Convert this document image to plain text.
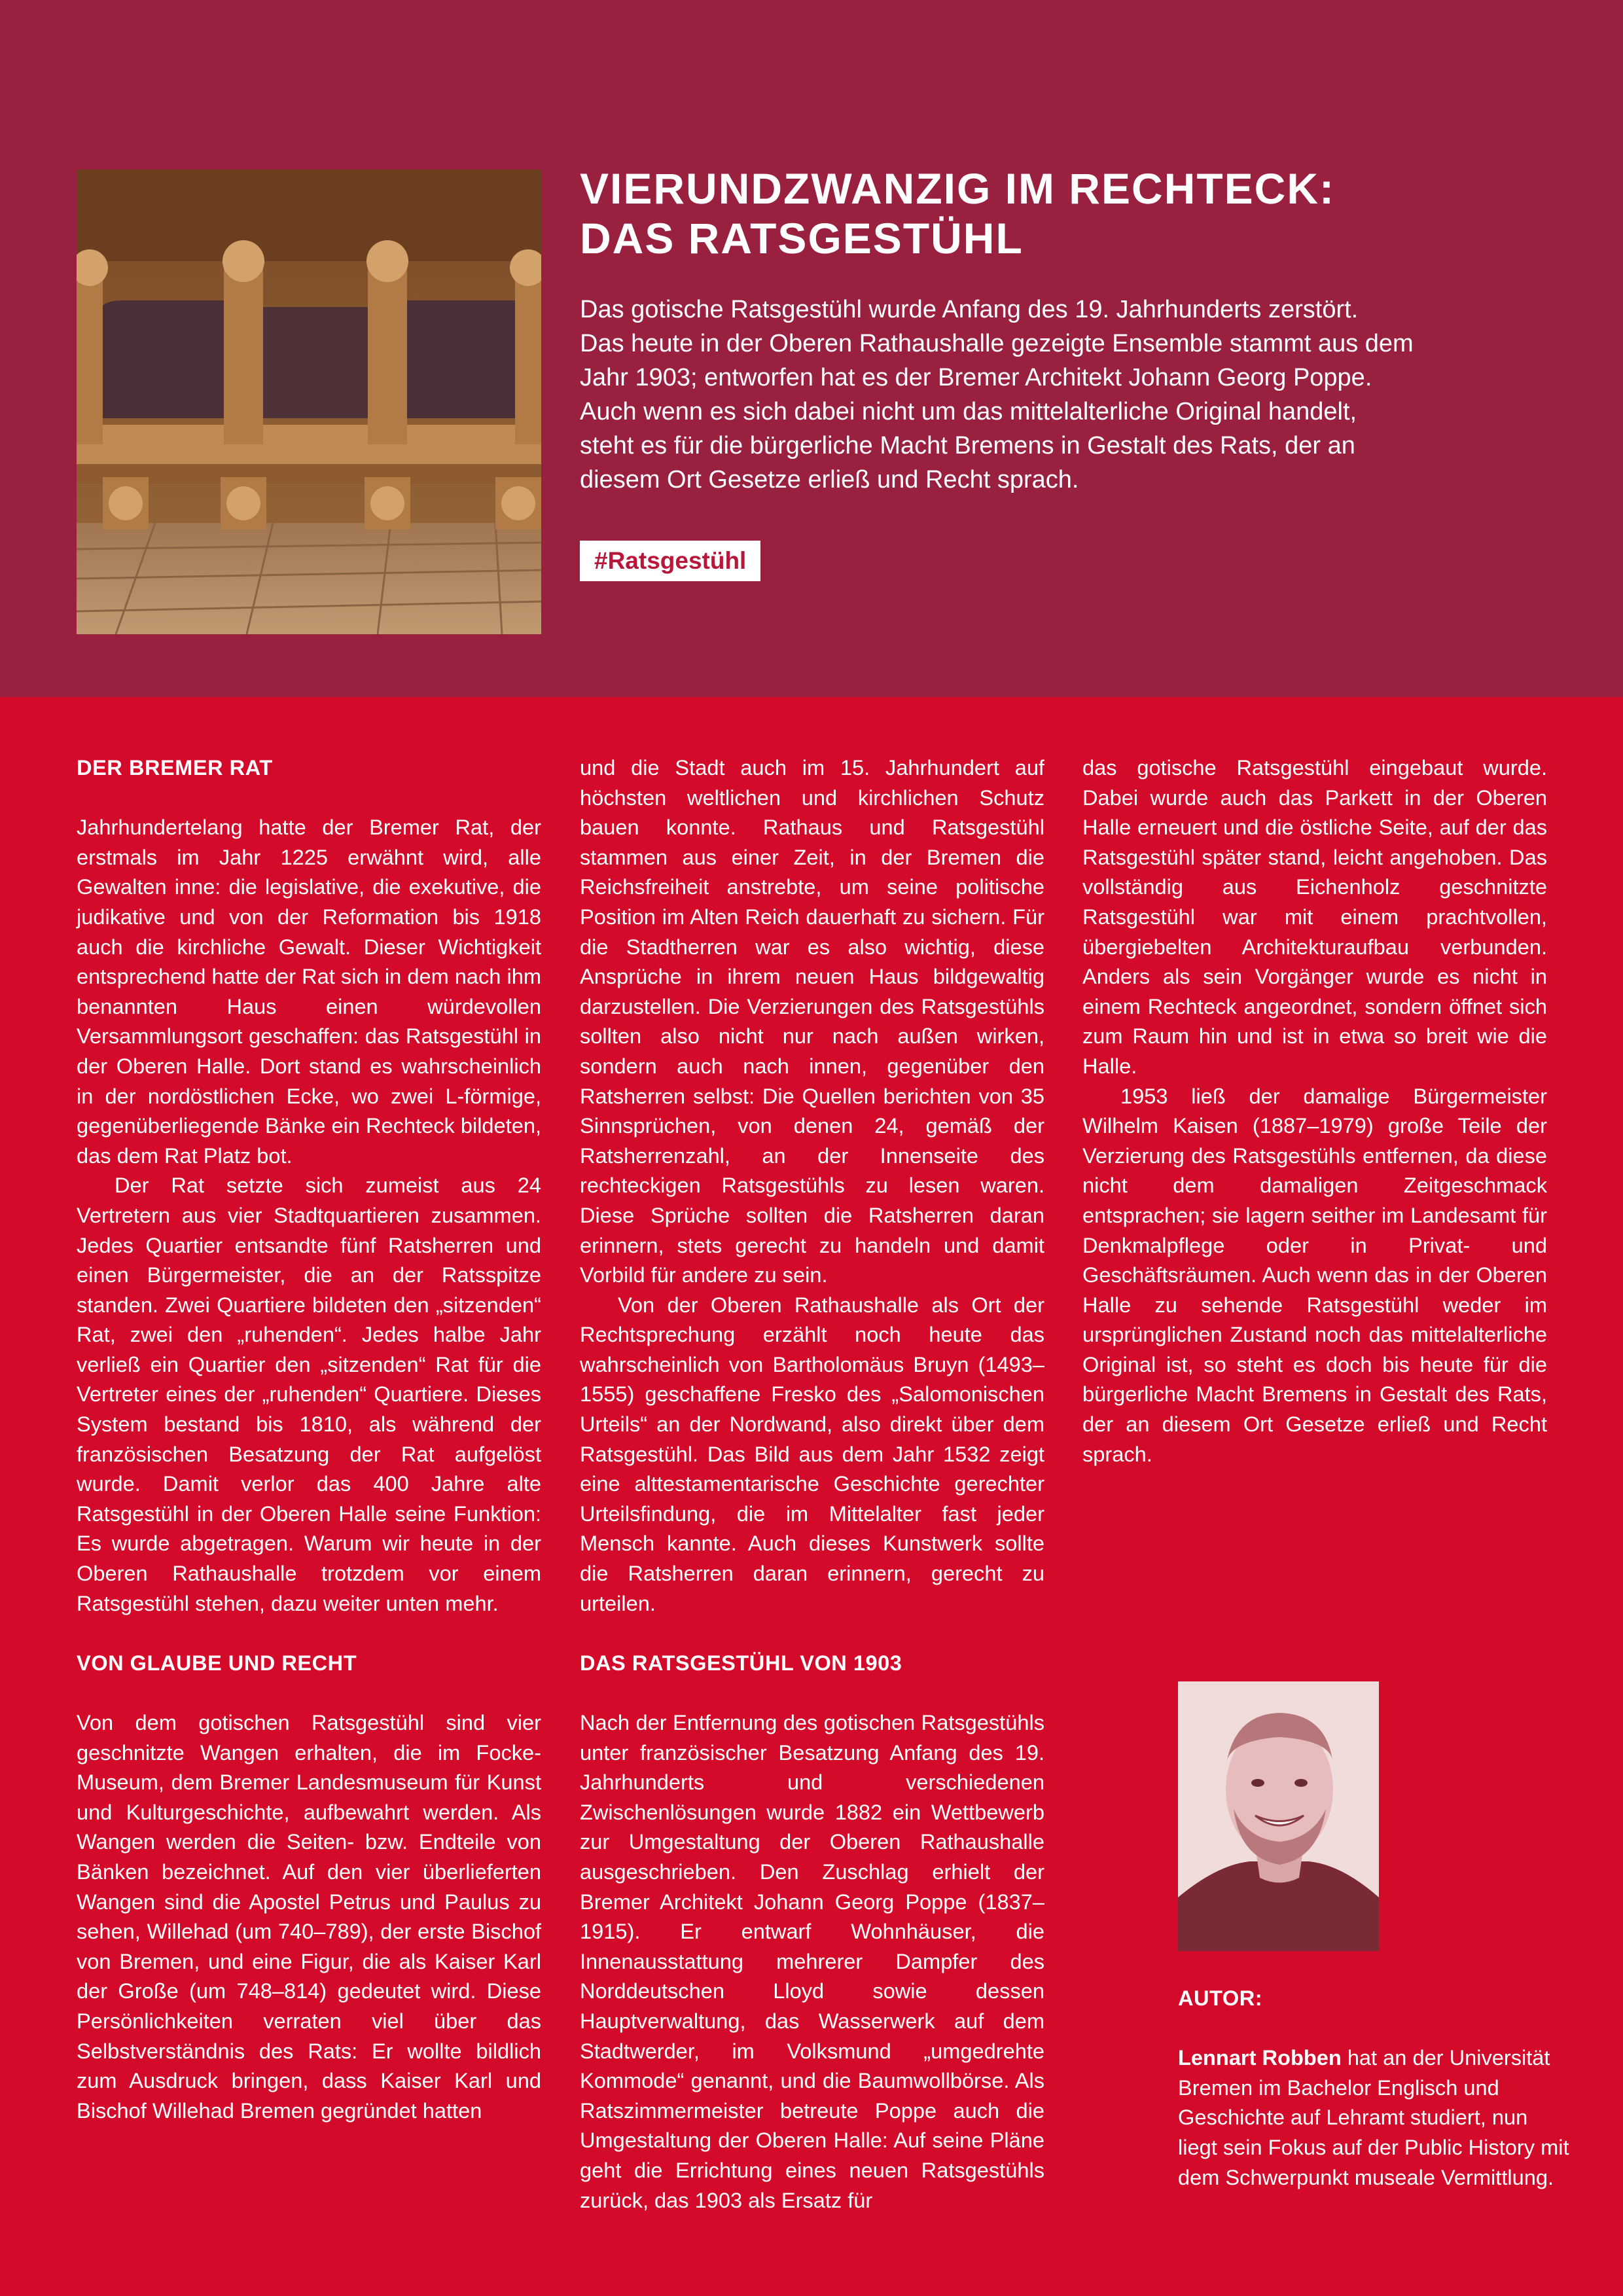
VIERUNDZWANZIG IM RECHTECK:
DAS RATSGESTÜHL

Das gotische Ratsgestühl wurde Anfang des 19. Jahrhunderts zerstört.
Das heute in der Oberen Rathaushalle gezeigte Ensemble stammt aus dem
Jahr 1903; entworfen hat es der Bremer Architekt Johann Georg Poppe.
Auch wenn es sich dabei nicht um das mittelalterliche Original handelt,
steht es für die bürgerliche Macht Bremens in Gestalt des Rats, der an
diesem Ort Gesetze erließ und Recht sprach.

#Ratsgestühl
DER BREMER RAT

Jahrhundertelang hatte der Bremer Rat, der erstmals im Jahr 1225 erwähnt wird, alle Gewalten inne: die legislative, die exekutive, die judikative und von der Reformation bis 1918 auch die kirchliche Gewalt. Dieser Wichtigkeit entsprechend hatte der Rat sich in dem nach ihm benannten Haus einen würdevollen Versammlungsort geschaffen: das Ratsgestühl in der Oberen Halle. Dort stand es wahrscheinlich in der nordöstlichen Ecke, wo zwei L-förmige, gegenüberliegende Bänke ein Rechteck bildeten, das dem Rat Platz bot.

Der Rat setzte sich zumeist aus 24 Vertretern aus vier Stadtquartieren zusammen. Jedes Quartier entsandte fünf Ratsherren und einen Bürgermeister, die an der Ratsspitze standen. Zwei Quartiere bildeten den „sitzenden“ Rat, zwei den „ruhenden“. Jedes halbe Jahr verließ ein Quartier den „sitzenden“ Rat für die Vertreter eines der „ruhenden“ Quartiere. Dieses System bestand bis 1810, als während der französischen Besatzung der Rat aufgelöst wurde. Damit verlor das 400 Jahre alte Ratsgestühl in der Oberen Halle seine Funktion: Es wurde abgetragen. Warum wir heute in der Oberen Rathaushalle trotzdem vor einem Ratsgestühl stehen, dazu weiter unten mehr.

VON GLAUBE UND RECHT

Von dem gotischen Ratsgestühl sind vier geschnitzte Wangen erhalten, die im Focke-Museum, dem Bremer Landesmuseum für Kunst und Kulturgeschichte, aufbewahrt werden. Als Wangen werden die Seiten- bzw. Endteile von Bänken bezeichnet. Auf den vier überlieferten Wangen sind die Apostel Petrus und Paulus zu sehen, Willehad (um 740–789), der erste Bischof von Bremen, und eine Figur, die als Kaiser Karl der Große (um 748–814) gedeutet wird. Diese Persönlichkeiten verraten viel über das Selbstverständnis des Rats: Er wollte bildlich zum Ausdruck bringen, dass Kaiser Karl und Bischof Willehad Bremen gegründet hatten

und die Stadt auch im 15. Jahrhundert auf höchsten weltlichen und kirchlichen Schutz bauen konnte. Rathaus und Ratsgestühl stammen aus einer Zeit, in der Bremen die Reichsfreiheit anstrebte, um seine politische Position im Alten Reich dauerhaft zu sichern. Für die Stadtherren war es also wichtig, diese Ansprüche in ihrem neuen Haus bildgewaltig darzustellen. Die Verzierungen des Ratsgestühls sollten also nicht nur nach außen wirken, sondern auch nach innen, gegenüber den Ratsherren selbst: Die Quellen berichten von 35 Sinnsprüchen, von denen 24, gemäß der Ratsherrenzahl, an der Innenseite des rechteckigen Ratsgestühls zu lesen waren. Diese Sprüche sollten die Ratsherren daran erinnern, stets gerecht zu handeln und damit Vorbild für andere zu sein.

Von der Oberen Rathaushalle als Ort der Rechtsprechung erzählt noch heute das wahrscheinlich von Bartholomäus Bruyn (1493–1555) geschaffene Fresko des „Salomonischen Urteils“ an der Nordwand, also direkt über dem Ratsgestühl. Das Bild aus dem Jahr 1532 zeigt eine alttestamentarische Geschichte gerechter Urteilsfindung, die im Mittelalter fast jeder Mensch kannte. Auch dieses Kunstwerk sollte die Ratsherren daran erinnern, gerecht zu urteilen.

DAS RATSGESTÜHL VON 1903

Nach der Entfernung des gotischen Ratsgestühls unter französischer Besatzung Anfang des 19. Jahrhunderts und verschiedenen Zwischenlösungen wurde 1882 ein Wettbewerb zur Umgestaltung der Oberen Rathaushalle ausgeschrieben. Den Zuschlag erhielt der Bremer Architekt Johann Georg Poppe (1837–1915). Er entwarf Wohnhäuser, die Innenausstattung mehrerer Dampfer des Norddeutschen Lloyd sowie dessen Hauptverwaltung, das Wasserwerk auf dem Stadtwerder, im Volksmund „umgedrehte Kommode“ genannt, und die Baumwollbörse. Als Ratszimmermeister betreute Poppe auch die Umgestaltung der Oberen Halle: Auf seine Pläne geht die Errichtung eines neuen Ratsgestühls zurück, das 1903 als Ersatz für

das gotische Ratsgestühl eingebaut wurde. Dabei wurde auch das Parkett in der Oberen Halle erneuert und die östliche Seite, auf der das Ratsgestühl später stand, leicht angehoben. Das vollständig aus Eichenholz geschnitzte Ratsgestühl war mit einem prachtvollen, übergiebelten Architekturaufbau verbunden. Anders als sein Vorgänger wurde es nicht in einem Rechteck angeordnet, sondern öffnet sich zum Raum hin und ist in etwa so breit wie die Halle.

1953 ließ der damalige Bürgermeister Wilhelm Kaisen (1887–1979) große Teile der Verzierung des Ratsgestühls entfernen, da diese nicht dem damaligen Zeitgeschmack entsprachen; sie lagern seither im Landesamt für Denkmalpflege oder in Privat- und Geschäftsräumen. Auch wenn das in der Oberen Halle zu sehende Ratsgestühl weder im ursprünglichen Zustand noch das mittelalterliche Original ist, so steht es doch bis heute für die bürgerliche Macht Bremens in Gestalt des Rats, der an diesem Ort Gesetze erließ und Recht sprach.

AUTOR:

Lennart Robben hat an der Universität Bremen im Bachelor Englisch und Geschichte auf Lehramt studiert, nun liegt sein Fokus auf der Public History mit dem Schwerpunkt museale Vermittlung.
